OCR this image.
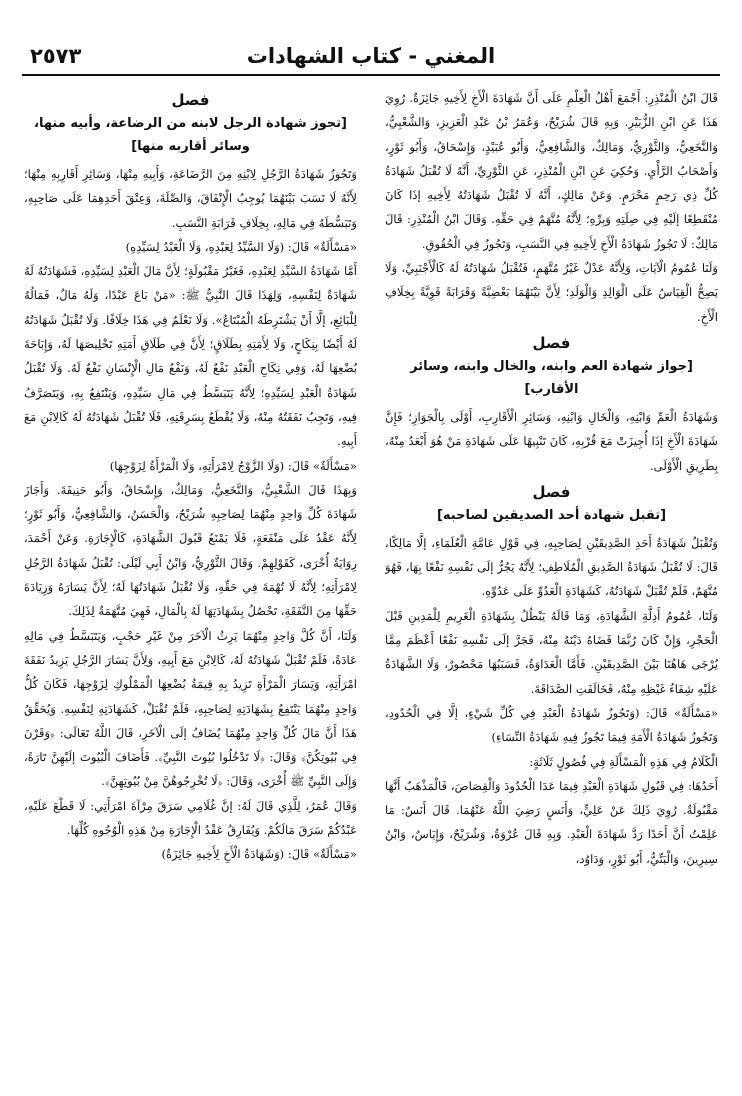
المغني - كتاب الشهادات
٢٥٧٣
فصل
[تجوز شهادة الرجل لابنه من الرضاعة، وأبيه منها، وسائر أقاربه منها]
وَتَجُوزُ شَهَادَةُ الرَّجُلِ لِابْنِهِ مِنَ الرَّضَاعَةِ، وَأَبِيهِ مِنْهَا، وَسَائِرِ أَقَارِبِهِ مِنْهَا؛ لِأَنَّهُ لَا نَسَبَ بَيْنَهُمَا يُوجِبُ الْإِنْفَاقَ، وَالصِّلَةَ، وَعِتْقَ أَحَدِهِمَا عَلَى صَاحِبِهِ، وَتَبَسُّطَهُ فِي مَالِهِ، بِخِلَافِ قَرَابَةِ النَّسَبِ.
«مَسْأَلَةٌ» قَالَ: (وَلَا السَّيِّدُ لِعَبْدِهِ، وَلَا الْعَبْدُ لِسَيِّدِهِ)
أَمَّا شَهَادَةُ السَّيِّدِ لِعَبْدِهِ، فَغَيْرُ مَقْبُولَةٍ؛ لِأَنَّ مَالَ الْعَبْدِ لِسَيِّدِهِ، فَشَهَادَتُهُ لَهُ شَهَادَةٌ لِنَفْسِهِ، وَلِهَذَا قَالَ النَّبِيُّ ﷺ: «مَنْ بَاعَ عَبْدًا، وَلَهُ مَالٌ، فَمَالُهُ لِلْبَائِعِ، إلَّا أَنْ يَشْتَرِطَهُ الْمُبْتَاعُ». وَلَا نَعْلَمُ فِي هَذَا خِلَافًا. وَلَا تُقْبَلُ شَهَادَتُهُ لَهُ أَيْضًا بِنِكَاحٍ، وَلَا لِأَمَتِهِ بِطَلَاقٍ؛ لِأَنَّ فِي طَلَاقِ أَمَتِهِ تَخْلِيصَهَا لَهُ، وَإِبَاحَةَ بُضْعِهَا لَهُ، وَفِي نِكَاحِ الْعَبْدِ نَفْعٌ لَهُ، وَنَفْعُ مَالِ الْإِنْسَانِ نَفْعٌ لَهُ. وَلَا تُقْبَلُ شَهَادَةُ الْعَبْدِ لِسَيِّدِهِ؛ لِأَنَّهُ يَتَبَسَّطُ فِي مَالِ سَيِّدِهِ، وَيَنْتَفِعُ بِهِ، وَيَتَصَرَّفُ فِيهِ، وَتَجِبُ نَفَقَتُهُ مِنْهُ، وَلَا يُقْطَعُ بِسَرِقَتِهِ، فَلَا تُقْبَلُ شَهَادَتُهُ لَهُ كَالِابْنِ مَعَ أَبِيهِ.
«مَسْأَلَةٌ» قَالَ: (وَلَا الزَّوْجُ لِامْرَأَتِهِ، وَلَا الْمَرْأَةُ لِزَوْجِهَا)
وَبِهَذَا قَالَ الشَّعْبِيُّ، وَالنَّخَعِيُّ، وَمَالِكٌ، وَإِسْحَاقُ، وَأَبُو حَنِيفَةَ. وَأَجَازَ شَهَادَةَ كُلِّ وَاحِدٍ مِنْهُمَا لِصَاحِبِهِ شُرَيْحٌ، وَالْحَسَنُ، وَالشَّافِعِيُّ، وَأَبُو ثَوْرٍ؛ لِأَنَّهُ عَقْدٌ عَلَى مَنْفَعَةٍ، فَلَا يَمْنَعُ قَبُولَ الشَّهَادَةِ، كَالْإِجَارَةِ. وَعَنْ أَحْمَدَ، رِوَايَةٌ أُخْرَى، كَقَوْلِهِمْ. وَقَالَ الثَّوْرِيُّ، وَابْنُ أَبِي لَيْلَى: تُقْبَلُ شَهَادَةُ الرَّجُلِ لِامْرَأَتِهِ؛ لِأَنَّهُ لَا تُهْمَةَ فِي حَقِّهِ، وَلَا تُقْبَلُ شَهَادَتُهَا لَهُ؛ لِأَنَّ يَسَارَهُ وَزِيَادَةَ حَقِّهَا مِنَ النَّفَقَةِ، تَحْصُلُ بِشَهَادَتِهَا لَهُ بِالْمَالِ، فَهِيَ مُتَّهَمَةٌ لِذَلِكَ.
وَلَنَا، أَنَّ كُلَّ وَاحِدٍ مِنْهُمَا يَرِثُ الْآخَرَ مِنْ غَيْرِ حَجْبٍ، وَيَتَبَسَّطُ فِي مَالِهِ عَادَةً، فَلَمْ تُقْبَلْ شَهَادَتُهُ لَهُ، كَالِابْنِ مَعَ أَبِيهِ، وَلِأَنَّ يَسَارَ الرَّجُلِ يَزِيدُ نَفَقَةَ امْرَأَتِهِ، وَيَسَارَ الْمَرْأَةِ تَزِيدُ بِهِ قِيمَةُ بُضْعِهَا الْمَمْلُوكِ لِزَوْجِهَا، فَكَانَ كُلُّ وَاحِدٍ مِنْهُمَا يَنْتَفِعُ بِشَهَادَتِهِ لِصَاحِبِهِ، فَلَمْ تُقْبَلْ، كَشَهَادَتِهِ لِنَفْسِهِ. وَيُحَقِّقُ هَذَا أَنَّ مَالَ كُلِّ وَاحِدٍ مِنْهُمَا يُضَافُ إلَى الْآخَرِ، قَالَ اللَّهُ تَعَالَى: ﴿وَقَرْنَ فِي بُيُوتِكُنَّ﴾ وَقَالَ: ﴿لَا تَدْخُلُوا بُيُوتَ النَّبِيِّ﴾. فَأَضَافَ الْبُيُوتَ إلَيْهِنَّ تَارَةً، وَإِلَى النَّبِيِّ ﷺ أُخْرَى، وَقَالَ: ﴿لَا تُخْرِجُوهُنَّ مِنْ بُيُوتِهِنَّ﴾.
وَقَالَ عُمَرُ، لِلَّذِي قَالَ لَهُ: إنَّ غُلَامِي سَرَقَ مِرْآةَ امْرَأَتِي: لَا قَطْعَ عَلَيْهِ، عَبْدُكُمْ سَرَقَ مَالَكُمْ. وَيُفَارِقُ عَقْدُ الْإِجَارَةِ مِنْ هَذِهِ الْوُجُوهِ كُلِّهَا.
«مَسْأَلَةٌ» قَالَ: (وَشَهَادَةُ الْأَخِ لِأَخِيهِ جَائِزَةٌ)
قَالَ ابْنُ الْمُنْذِرِ: أَجْمَعَ أَهْلُ الْعِلْمِ عَلَى أَنَّ شَهَادَةَ الْأَخِ لِأَخِيهِ جَائِزَةٌ. رُوِيَ هَذَا عَنِ ابْنِ الزُّبَيْرِ. وَبِهِ قَالَ شُرَيْحٌ، وَعُمَرُ بْنُ عَبْدِ الْعَزِيزِ، وَالشَّعْبِيُّ، وَالنَّخَعِيُّ، وَالثَّوْرِيُّ، وَمَالِكٌ، وَالشَّافِعِيُّ، وَأَبُو عُبَيْدٍ، وَإِسْحَاقُ، وَأَبُو ثَوْرٍ، وَأَصْحَابُ الرَّأْيِ. وَحُكِيَ عَنِ ابْنِ الْمُنْذِرِ، عَنِ الثَّوْرِيِّ، أَنَّهُ لَا تُقْبَلُ شَهَادَةُ كُلِّ ذِي رَحِمٍ مَحْرَمٍ. وَعَنْ مَالِكٍ، أَنَّهُ لَا تُقْبَلُ شَهَادَتُهُ لِأَخِيهِ إذَا كَانَ مُنْقَطِعًا إلَيْهِ فِي صِلَتِهِ وَبِرِّهِ؛ لِأَنَّهُ مُتَّهَمٌ فِي حَقِّهِ. وَقَالَ ابْنُ الْمُنْذِرِ: قَالَ مَالِكٌ: لَا تَجُوزُ شَهَادَةُ الْأَخِ لِأَخِيهِ فِي النَّسَبِ، وَتَجُوزُ فِي الْحُقُوقِ.
وَلَنَا عُمُومُ الْآيَاتِ، وَلِأَنَّهُ عَدْلٌ غَيْرُ مُتَّهَمٍ، فَتُقْبَلُ شَهَادَتُهُ لَهُ كَالْأَجْنَبِيِّ، وَلَا يَصِحُّ الْقِيَاسُ عَلَى الْوَالِدِ وَالْوَلَدِ؛ لِأَنَّ بَيْنَهُمَا بَعْضِيَّةً وَقَرَابَةً قَوِيَّةً بِخِلَافِ الْأَخِ.
فصل
[جواز شهادة العم وابنه، والخال وابنه، وسائر الأقارب]
وَشَهَادَةُ الْعَمِّ وَابْنِهِ، وَالْخَالِ وَابْنِهِ، وَسَائِرِ الْأَقَارِبِ، أَوْلَى بِالْجَوَازِ؛ فَإِنَّ شَهَادَةَ الْأَخِ إذَا أُجِيزَتْ مَعَ قُرْبِهِ، كَانَ تَنْبِيهًا عَلَى شَهَادَةِ مَنْ هُوَ أَبْعَدُ مِنْهُ، بِطَرِيقِ الْأَوْلَى.
فصل
[تقبل شهادة أحد الصديقين لصاحبه]
وَتُقْبَلُ شَهَادَةُ أَحَدِ الصَّدِيقَيْنِ لِصَاحِبِهِ، فِي قَوْلِ عَامَّةِ الْعُلَمَاءِ، إلَّا مَالِكًا، قَالَ: لَا تُقْبَلُ شَهَادَةُ الصَّدِيقِ الْمُلَاطِفِ؛ لِأَنَّهُ يَجُرُّ إلَى نَفْسِهِ نَفْعًا بِهَا، فَهُوَ مُتَّهَمٌ، فَلَمْ تُقْبَلْ شَهَادَتُهُ، كَشَهَادَةِ الْعَدُوِّ عَلَى عَدُوِّهِ.
وَلَنَا، عُمُومُ أَدِلَّةِ الشَّهَادَةِ، وَمَا قَالَهُ يَبْطُلُ بِشَهَادَةِ الْغَرِيمِ لِلْمَدِينِ قَبْلَ الْحَجْرِ، وَإِنْ كَانَ رُبَّمَا قَضَاهُ دَيْنَهُ مِنْهُ، فَجَرَّ إلَى نَفْسِهِ نَفْعًا أَعْظَمَ مِمَّا يُرْجَى هَاهُنَا بَيْنَ الصَّدِيقَيْنِ. فَأَمَّا الْعَدَاوَةُ، فَسَبَبُهَا مَحْصُورٌ، وَلَا الشَّهَادَةُ عَلَيْهِ شِفَاءُ غَيْظِهِ مِنْهُ، فَخَالَفَتِ الصَّدَاقَةَ.
«مَسْأَلَةٌ» قَالَ: (وَتَجُوزُ شَهَادَةُ الْعَبْدِ فِي كُلِّ شَيْءٍ، إلَّا فِي الْحُدُودِ، وَتَجُوزُ شَهَادَةُ الْأَمَةِ فِيمَا تَجُوزُ فِيهِ شَهَادَةُ النِّسَاءِ)
الْكَلَامُ فِي هَذِهِ الْمَسْأَلَةِ فِي فُصُولٍ ثَلَاثَةٍ:
أَحَدُهَا: فِي قَبُولِ شَهَادَةِ الْعَبْدِ فِيمَا عَدَا الْحُدُودَ وَالْقِصَاصَ، فَالْمَذْهَبُ أَنَّهَا مَقْبُولَةٌ. رُوِيَ ذَلِكَ عَنْ عَلِيٍّ، وَأَنَسٍ رَضِيَ اللَّهُ عَنْهُمَا. قَالَ أَنَسٌ: مَا عَلِمْتُ أَنَّ أَحَدًا رَدَّ شَهَادَةَ الْعَبْدِ. وَبِهِ قَالَ عُرْوَةُ، وَشُرَيْحٌ، وَإِيَاسٌ، وَابْنُ سِيرِينَ، وَالْبَتِّيُّ، أَبُو ثَوْرٍ، وَدَاوُد،
